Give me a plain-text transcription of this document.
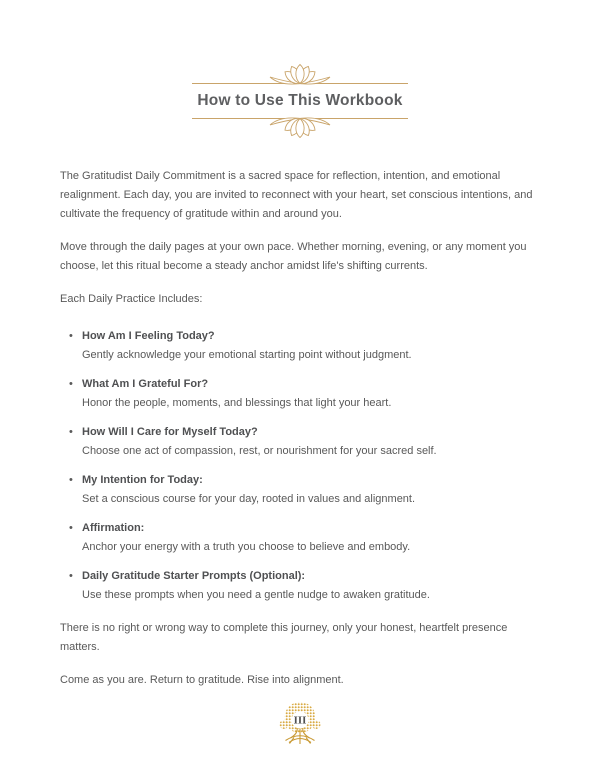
How to Use This Workbook

The Gratitudist Daily Commitment is a sacred space for reflection, intention, and emotional realignment. Each day, you are invited to reconnect with your heart, set conscious intentions, and cultivate the frequency of gratitude within and around you.

Move through the daily pages at your own pace. Whether morning, evening, or any moment you choose, let this ritual become a steady anchor amidst life's shifting currents.

Each Daily Practice Includes:

• How Am I Feeling Today?
Gently acknowledge your emotional starting point without judgment.
• What Am I Grateful For?
Honor the people, moments, and blessings that light your heart.
• How Will I Care for Myself Today?
Choose one act of compassion, rest, or nourishment for your sacred self.
• My Intention for Today:
Set a conscious course for your day, rooted in values and alignment.
• Affirmation:
Anchor your energy with a truth you choose to believe and embody.
• Daily Gratitude Starter Prompts (Optional):
Use these prompts when you need a gentle nudge to awaken gratitude.

There is no right or wrong way to complete this journey, only your honest, heartfelt presence matters.

Come as you are. Return to gratitude. Rise into alignment.

III
